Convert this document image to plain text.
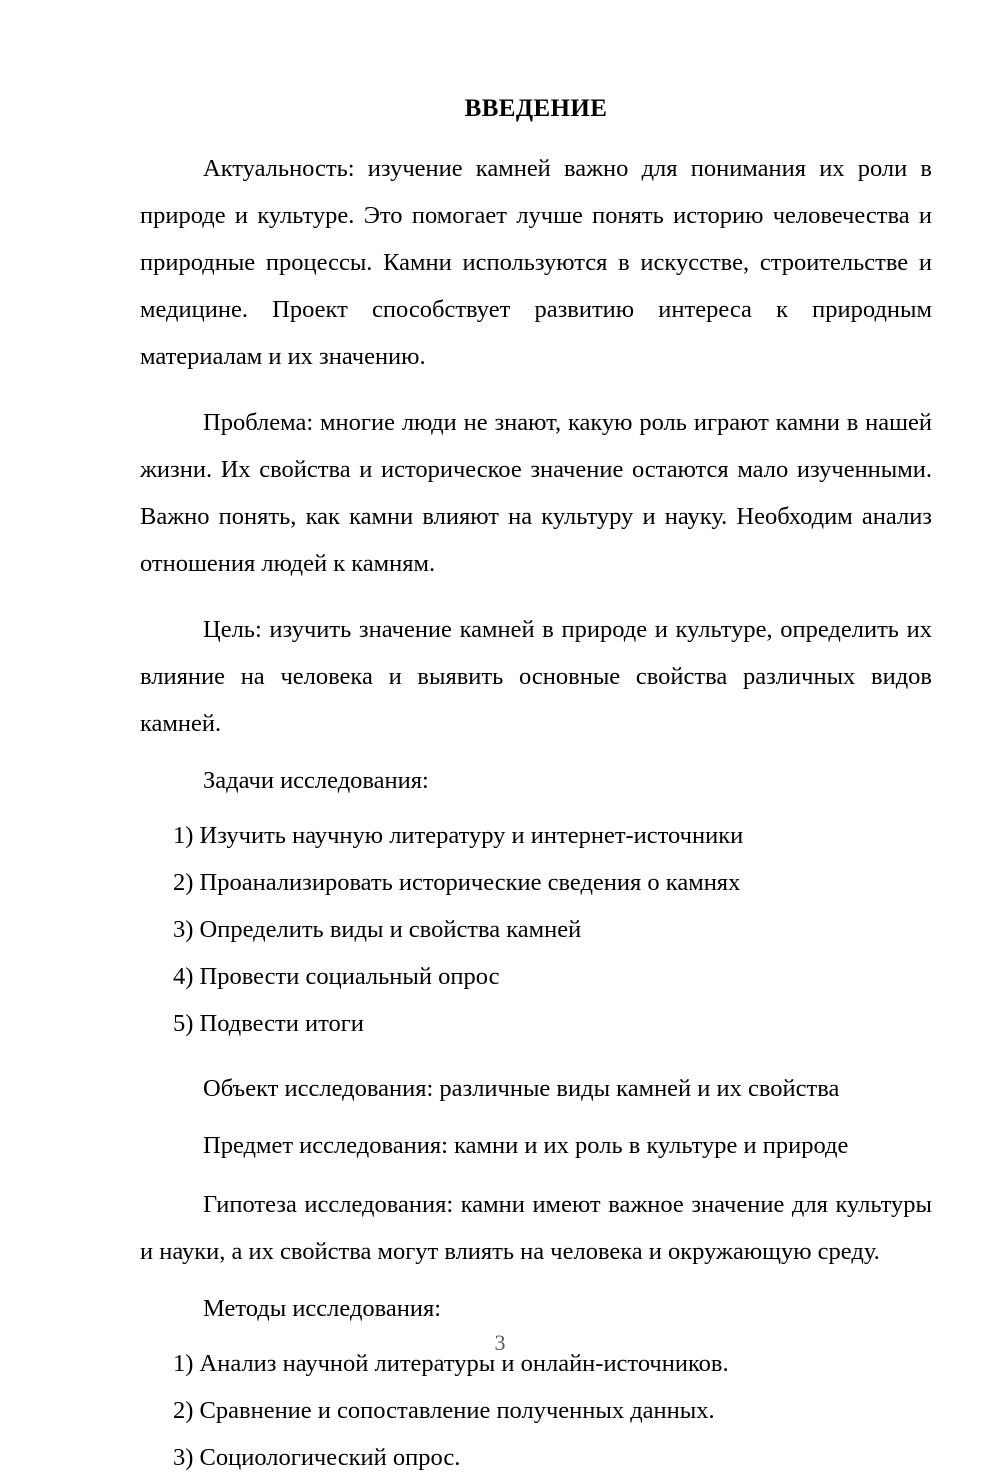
ВВЕДЕНИЕ

Актуальность: изучение камней важно для понимания их роли в природе и культуре. Это помогает лучше понять историю человечества и природные процессы. Камни используются в искусстве, строительстве и медицине. Проект способствует развитию интереса к природным материалам и их значению.

Проблема: многие люди не знают, какую роль играют камни в нашей жизни. Их свойства и историческое значение остаются мало изученными. Важно понять, как камни влияют на культуру и науку. Необходим анализ отношения людей к камням.

Цель: изучить значение камней в природе и культуре, определить их влияние на человека и выявить основные свойства различных видов камней.

Задачи исследования:

1) Изучить научную литературу и интернет-источники
2) Проанализировать исторические сведения о камнях
3) Определить виды и свойства камней
4) Провести социальный опрос
5) Подвести итоги

Объект исследования: различные виды камней и их свойства

Предмет исследования: камни и их роль в культуре и природе

Гипотеза исследования: камни имеют важное значение для культуры и науки, а их свойства могут влиять на человека и окружающую среду.

Методы исследования:

1) Анализ научной литературы и онлайн-источников.
2) Сравнение и сопоставление полученных данных.
3) Социологический опрос.
3
